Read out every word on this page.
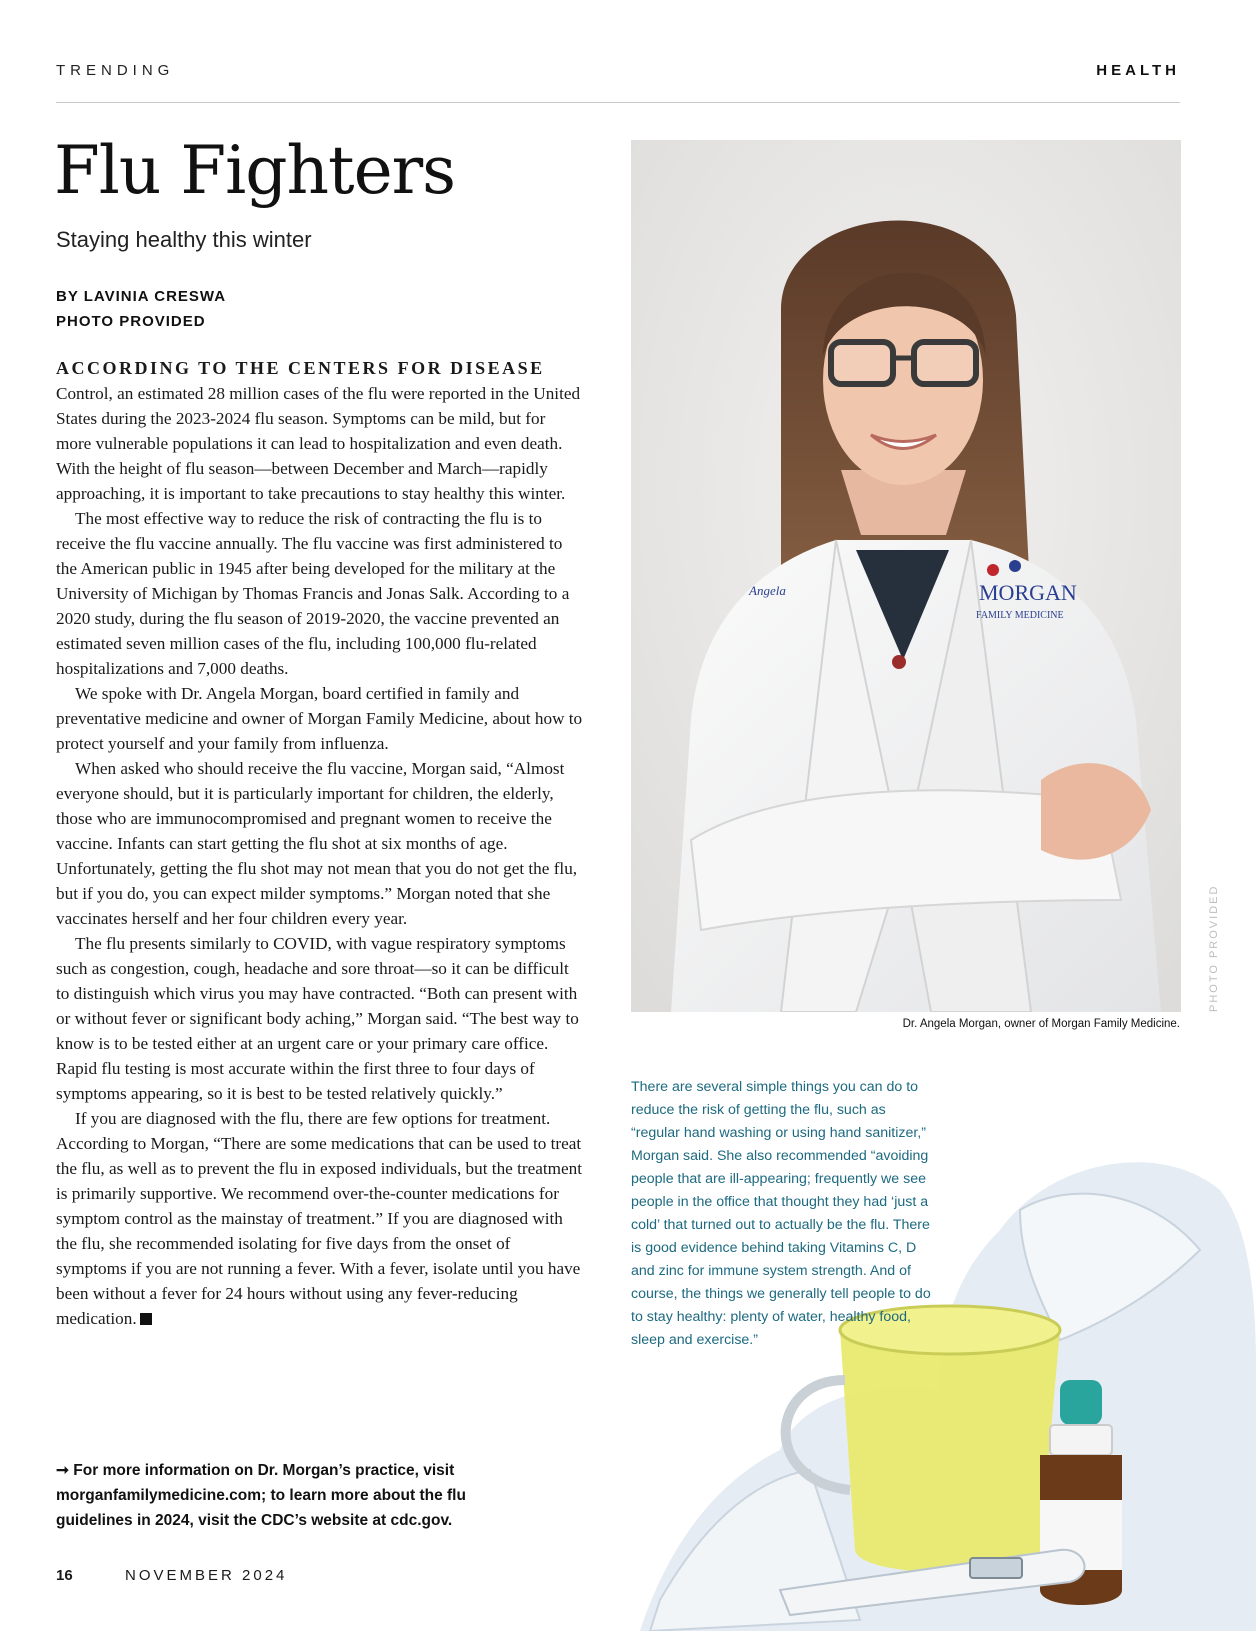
TRENDING	HEALTH
Flu Fighters
Staying healthy this winter
BY LAVINIA CRESWA
PHOTO PROVIDED

ACCORDING TO THE CENTERS FOR DISEASE Control, an estimated 28 million cases of the flu were reported in the United States during the 2023-2024 flu season. Symptoms can be mild, but for more vulnerable populations it can lead to hospitalization and even death. With the height of flu season—between December and March—rapidly approaching, it is important to take precautions to stay healthy this winter.

The most effective way to reduce the risk of contracting the flu is to receive the flu vaccine annually. The flu vaccine was first administered to the American public in 1945 after being developed for the military at the University of Michigan by Thomas Francis and Jonas Salk. According to a 2020 study, during the flu season of 2019-2020, the vaccine prevented an estimated seven million cases of the flu, including 100,000 flu-related hospitalizations and 7,000 deaths.

We spoke with Dr. Angela Morgan, board certified in family and preventative medicine and owner of Morgan Family Medicine, about how to protect yourself and your family from influenza.

When asked who should receive the flu vaccine, Morgan said, “Almost everyone should, but it is particularly important for children, the elderly, those who are immunocompromised and pregnant women to receive the vaccine. Infants can start getting the flu shot at six months of age. Unfortunately, getting the flu shot may not mean that you do not get the flu, but if you do, you can expect milder symptoms.” Morgan noted that she vaccinates herself and her four children every year.

The flu presents similarly to COVID, with vague respiratory symptoms such as congestion, cough, headache and sore throat—so it can be difficult to distinguish which virus you may have contracted. “Both can present with or without fever or significant body aching,” Morgan said. “The best way to know is to be tested either at an urgent care or your primary care office. Rapid flu testing is most accurate within the first three to four days of symptoms appearing, so it is best to be tested relatively quickly.”

If you are diagnosed with the flu, there are few options for treatment. According to Morgan, “There are some medications that can be used to treat the flu, as well as to prevent the flu in exposed individuals, but the treatment is primarily supportive. We recommend over-the-counter medications for symptom control as the mainstay of treatment.” If you are diagnosed with the flu, she recommended isolating for five days from the onset of symptoms if you are not running a fever. With a fever, isolate until you have been without a fever for 24 hours without using any fever-reducing medication.

➞ For more information on Dr. Morgan’s practice, visit morganfamilymedicine.com; to learn more about the flu guidelines in 2024, visit the CDC’s website at cdc.gov.
16	NOVEMBER 2024
MORGAN
FAMILY MEDICINE
Angela
PHOTO PROVIDED
Dr. Angela Morgan, owner of Morgan Family Medicine.
There are several simple things you can do to reduce the risk of getting the flu, such as “regular hand washing or using hand sanitizer,” Morgan said. She also recommended “avoiding people that are ill-appearing; frequently we see people in the office that thought they had ‘just a cold’ that turned out to actually be the flu. There is good evidence behind taking Vitamins C, D and zinc for immune system strength. And of course, the things we generally tell people to do to stay healthy: plenty of water, healthy food, sleep and exercise.”
